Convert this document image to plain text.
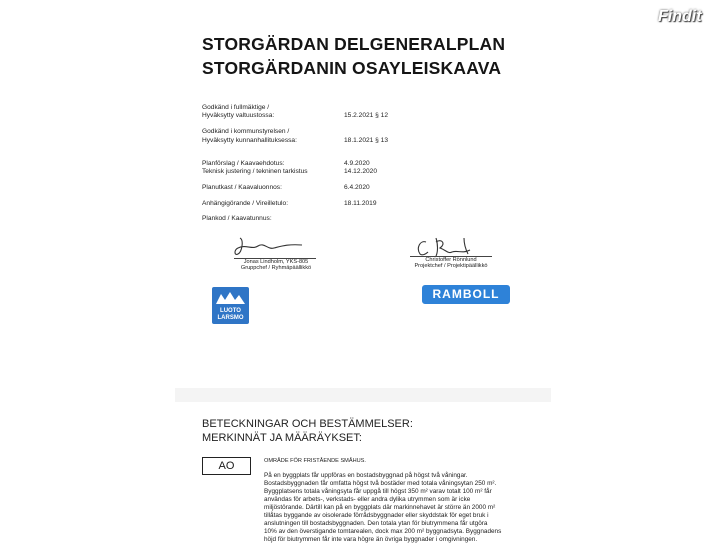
STORGÄRDAN DELGENERALPLAN
STORGÄRDANIN OSAYLEISKAAVA
Godkänd i fullmäktige /
Hyväksytty valtuustossa:	15.2.2021 § 12
Godkänd i kommunstyrelsen /
Hyväksytty kunnanhallituksessa:	18.1.2021 § 13
Planförslag / Kaavaehdotus:	4.9.2020
Teknisk justering / tekninen tarkistus	14.12.2020
Planutkast / Kaavaluonnos:	6.4.2020
Anhängigörande / Vireilletulo:	18.11.2019
Plankod / Kaavatunnus:
Jonas Lindholm, YKS-805
Gruppchef / Ryhmäpäällikkö
Christoffer Rönnlund
Projektchef / Projektipäällikkö
LUOTO
LARSMO
RAMBOLL
BETECKNINGAR OCH BESTÄMMELSER:
MERKINNÄT JA MÄÄRÄYKSET:
AO	OMRÅDE FÖR FRISTÅENDE SMÅHUS.
På en byggplats får uppföras en bostadsbyggnad på högst två våningar.
Bostadsbyggnaden får omfatta högst två bostäder med totala våningsytan 250 m².
Byggplatsens totala våningsyta får uppgå till högst 350 m² varav totalt 100 m² får
användas för arbets-, verkstads- eller andra dylika utrymmen som är icke
miljöstörande. Därtill kan på en byggplats där markinnehavet är större än 2000 m²
tillåtas byggande av oisolerade förrådsbyggnader eller skyddstak för eget bruk i
anslutningen till bostadsbyggnaden. Den totala ytan för biutrymmena får utgöra
10% av den överstigande tomtarealen, dock max 200 m² byggnadsyta. Byggnadens
höjd för biutrymmen får inte vara högre än övriga byggnader i omgivningen.
Findit
